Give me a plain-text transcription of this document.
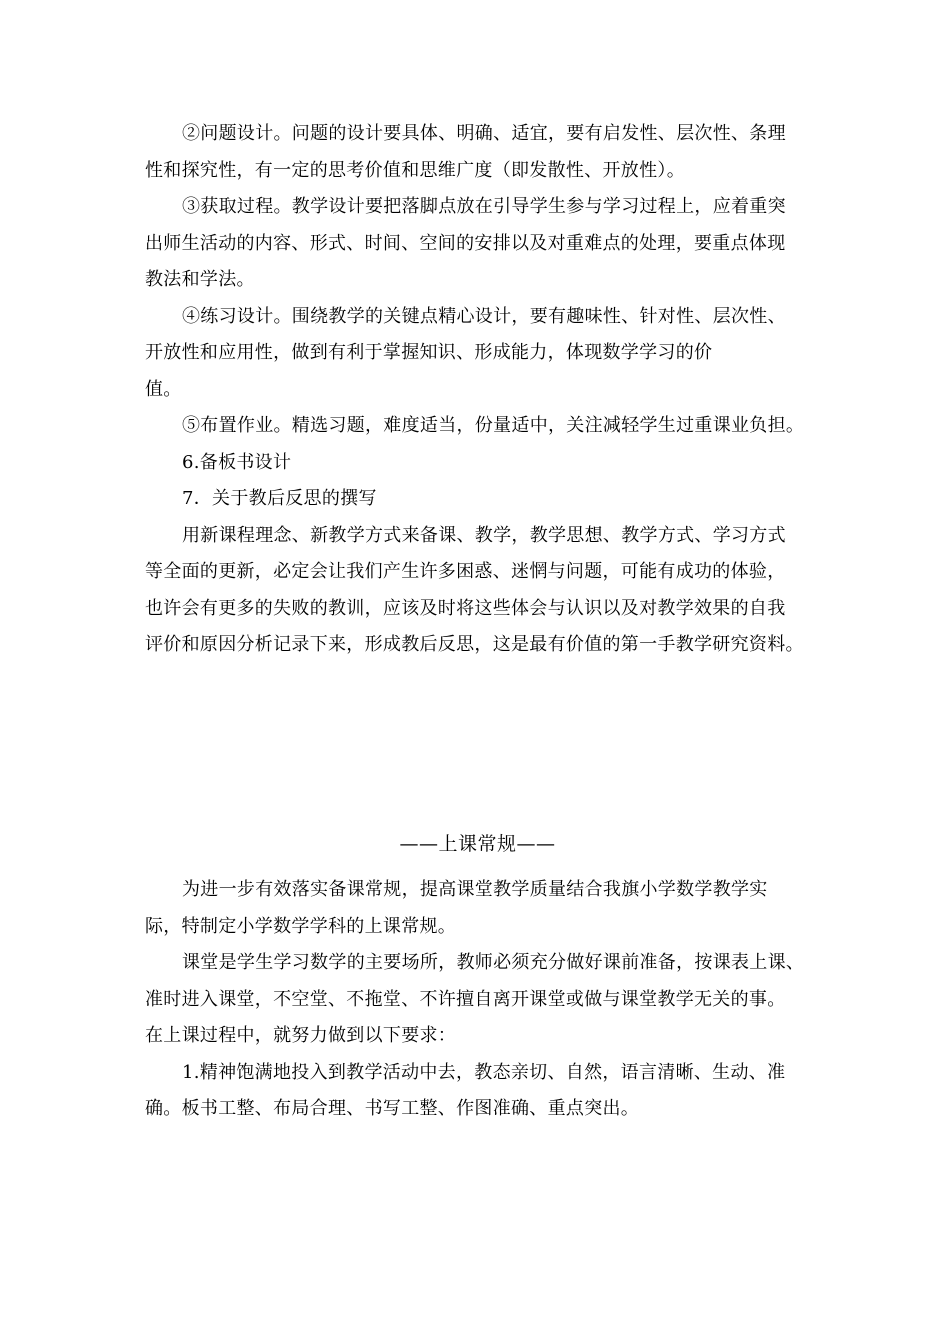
②问题设计。问题的设计要具体、明确、适宜，要有启发性、层次性、条理
性和探究性，有一定的思考价值和思维广度（即发散性、开放性）。
③获取过程。教学设计要把落脚点放在引导学生参与学习过程上，应着重突
出师生活动的内容、形式、时间、空间的安排以及对重难点的处理，要重点体现
教法和学法。
④练习设计。围绕教学的关键点精心设计，要有趣味性、针对性、层次性、
开放性和应用性，做到有利于掌握知识、形成能力，体现数学学习的价
值。
⑤布置作业。精选习题，难度适当，份量适中，关注减轻学生过重课业负担。
6.备板书设计
7．关于教后反思的撰写
用新课程理念、新教学方式来备课、教学，教学思想、教学方式、学习方式
等全面的更新，必定会让我们产生许多困惑、迷惘与问题，可能有成功的体验，
也许会有更多的失败的教训，应该及时将这些体会与认识以及对教学效果的自我
评价和原因分析记录下来，形成教后反思，这是最有价值的第一手教学研究资料。
——上课常规——
为进一步有效落实备课常规，提高课堂教学质量结合我旗小学数学教学实
际，特制定小学数学学科的上课常规。
课堂是学生学习数学的主要场所，教师必须充分做好课前准备，按课表上课、
准时进入课堂，不空堂、不拖堂、不许擅自离开课堂或做与课堂教学无关的事。
在上课过程中，就努力做到以下要求：
1.精神饱满地投入到教学活动中去，教态亲切、自然，语言清晰、生动、准
确。板书工整、布局合理、书写工整、作图准确、重点突出。
